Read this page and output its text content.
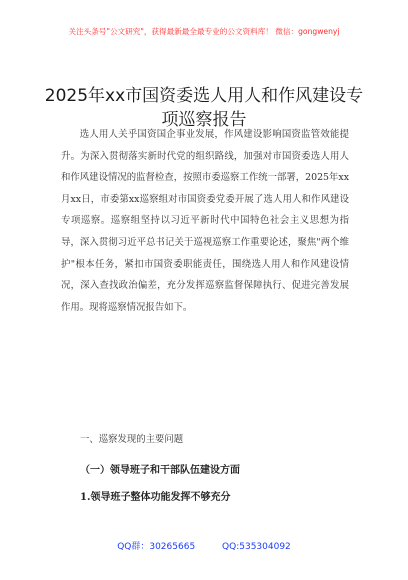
关注头条号"公文研究"，获得最新最全最专业的公文资料库！ 微信：gongwenyj
2025年xx市国资委选人用人和作风建设专项巡察报告

选人用人关乎国资国企事业发展，作风建设影响国资监管效能提升。为深入贯彻落实新时代党的组织路线，加强对市国资委选人用人和作风建设情况的监督检查，按照市委巡察工作统一部署，2025年xx月xx日，市委第xx巡察组对市国资委党委开展了选人用人和作风建设专项巡察。巡察组坚持以习近平新时代中国特色社会主义思想为指导，深入贯彻习近平总书记关于巡视巡察工作重要论述，聚焦"两个维护"根本任务，紧扣市国资委职能责任，围绕选人用人和作风建设情况，深入查找政治偏差，充分发挥巡察监督保障执行、促进完善发展作用。现将巡察情况报告如下。

一、巡察发现的主要问题
（一）领导班子和干部队伍建设方面
1.领导班子整体功能发挥不够充分
QQ群：30265665	QQ:535304092
